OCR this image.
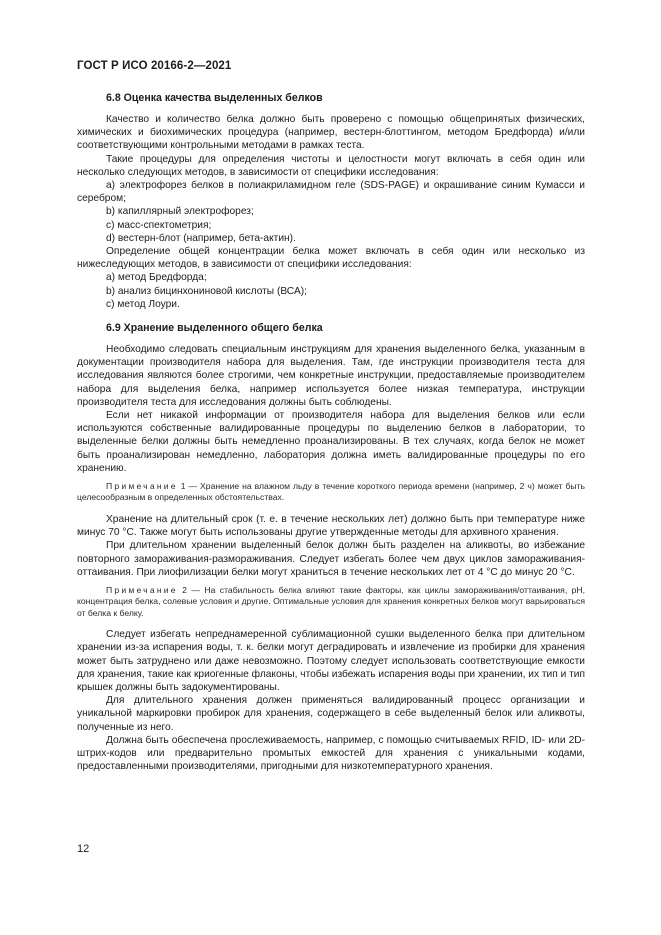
ГОСТ Р ИСО 20166-2—2021
6.8 Оценка качества выделенных белков

Качество и количество белка должно быть проверено с помощью общепринятых физических, химических и биохимических процедура (например, вестерн-блоттингом, методом Бредфорда) и/или соответствующими контрольными методами в рамках теста.

Такие процедуры для определения чистоты и целостности могут включать в себя один или несколько следующих методов, в зависимости от специфики исследования:

a) электрофорез белков в полиакриламидном геле (SDS-PAGE) и окрашивание синим Кумасси и серебром;

b) капиллярный электрофорез;

c) масс-спектометрия;

d) вестерн-блот (например, бета-актин).

Определение общей концентрации белка может включать в себя один или несколько из нижеследующих методов, в зависимости от специфики исследования:

a) метод Бредфорда;

b) анализ бицинхониновой кислоты (ВСА);

c) метод Лоури.

6.9 Хранение выделенного общего белка

Необходимо следовать специальным инструкциям для хранения выделенного белка, указанным в документации производителя набора для выделения. Там, где инструкции производителя теста для исследования являются более строгими, чем конкретные инструкции, предоставляемые производителем набора для выделения белка, например используется более низкая температура, инструкции производителя теста для исследования должны быть соблюдены.

Если нет никакой информации от производителя набора для выделения белков или если используются собственные валидированные процедуры по выделению белков в лаборатории, то выделенные белки должны быть немедленно проанализированы. В тех случаях, когда белок не может быть проанализирован немедленно, лаборатория должна иметь валидированные процедуры по его хранению.

Примечание 1 — Хранение на влажном льду в течение короткого периода времени (например, 2 ч) может быть целесообразным в определенных обстоятельствах.

Хранение на длительный срок (т. е. в течение нескольких лет) должно быть при температуре ниже минус 70 °С. Также могут быть использованы другие утвержденные методы для архивного хранения.

При длительном хранении выделенный белок должн быть разделен на аликвоты, во избежание повторного замораживания-размораживания. Следует избегать более чем двух циклов замораживания-оттаивания. При лиофилизации белки могут храниться в течение нескольких лет от 4 °С до минус 20 °С.

Примечание 2 — На стабильность белка влияют такие факторы, как циклы замораживания/оттаивания, pH, концентрация белка, солевые условия и другие. Оптимальные условия для хранения конкретных белков могут варьироваться от белка к белку.

Следует избегать непреднамеренной сублимационной сушки выделенного белка при длительном хранении из-за испарения воды, т. к. белки могут деградировать и извлечение из пробирки для хранения может быть затруднено или даже невозможно. Поэтому следует использовать соответствующие емкости для хранения, такие как криогенные флаконы, чтобы избежать испарения воды при хранении, их тип и тип крышек должны быть задокументированы.

Для длительного хранения должен применяться валидированный процесс организации и уникальной маркировки пробирок для хранения, содержащего в себе выделенный белок или аликвоты, полученные из него.

Должна быть обеспечена прослеживаемость, например, с помощью считываемых RFID, ID- или 2D-штрих-кодов или предварительно промытых емкостей для хранения с уникальными кодами, предоставленными производителями, пригодными для низкотемпературного хранения.

12
